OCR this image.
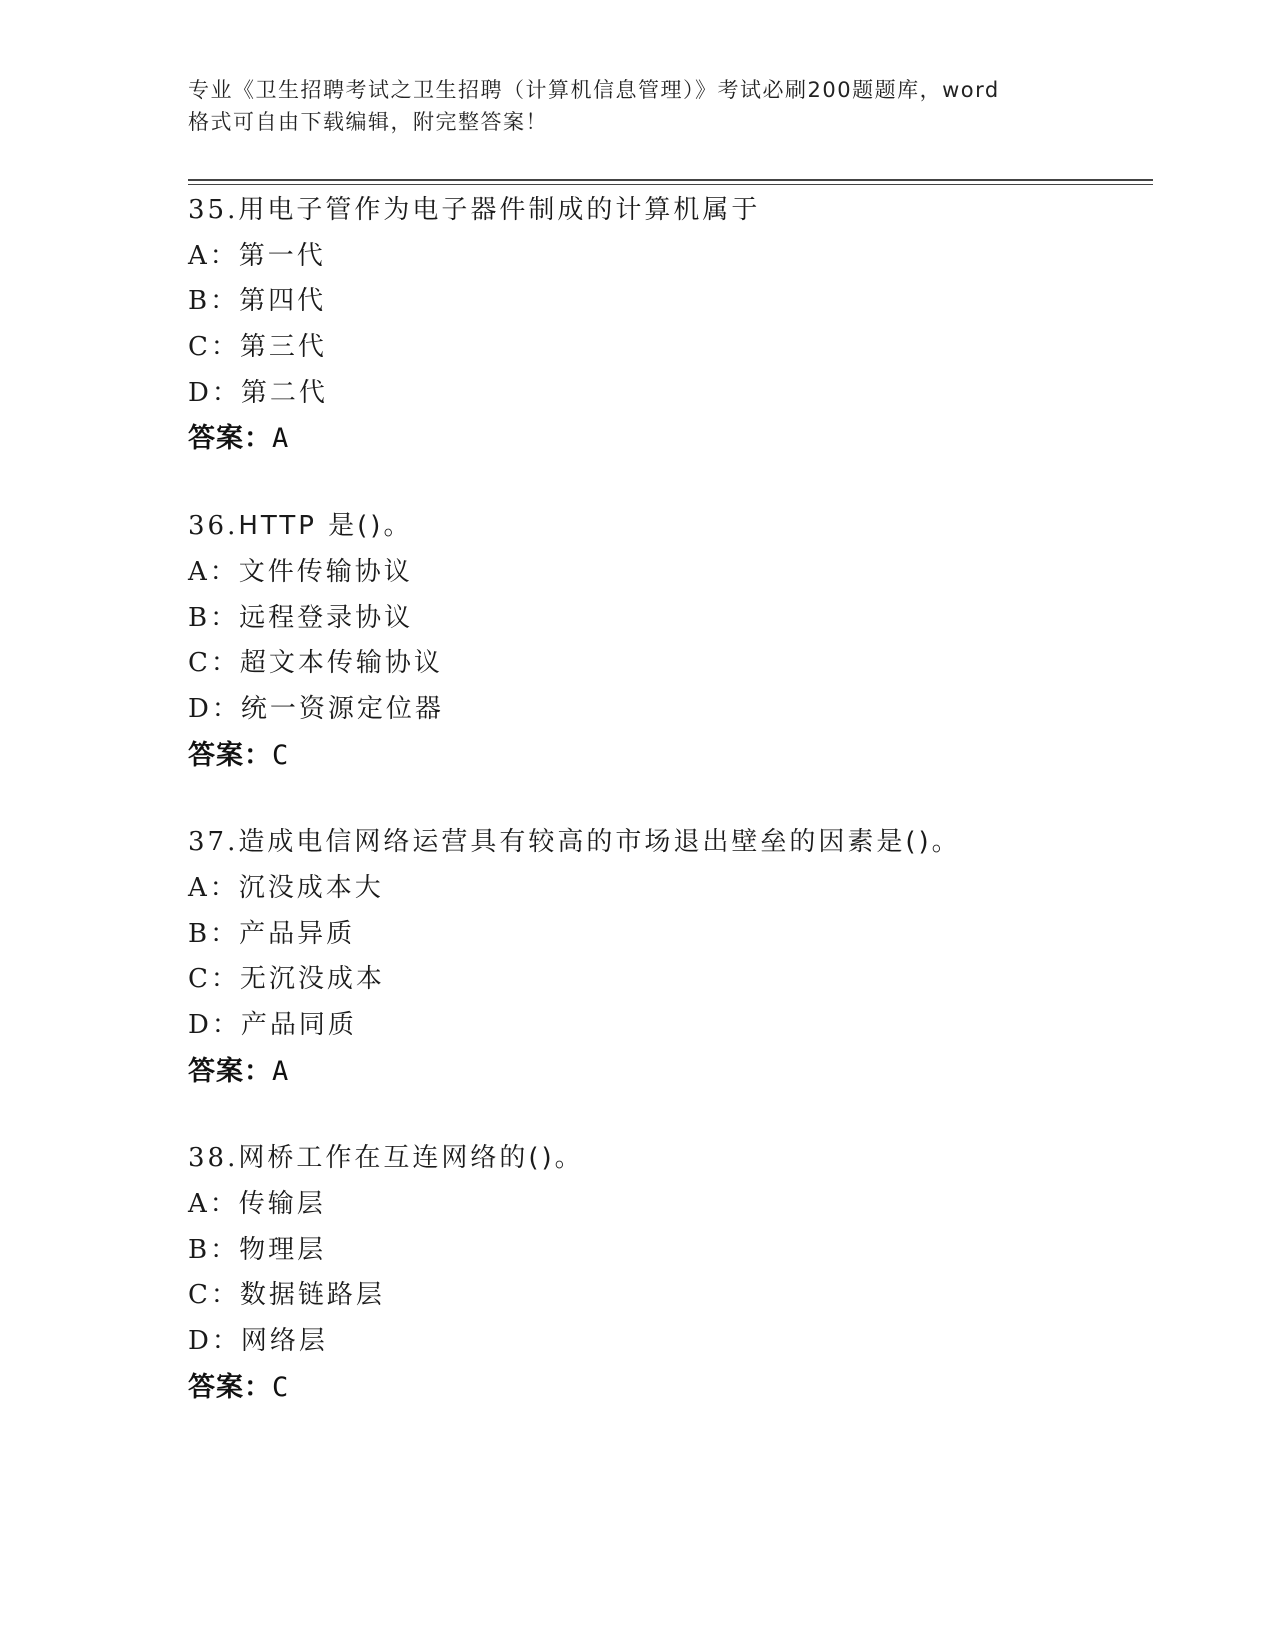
专业《卫生招聘考试之卫生招聘（计算机信息管理）》考试必刷200题题库，word
格式可自由下载编辑，附完整答案！
35.用电子管作为电子器件制成的计算机属于
A：第一代
B：第四代
C：第三代
D：第二代
答案：A
36.HTTP 是()。
A：文件传输协议
B：远程登录协议
C：超文本传输协议
D：统一资源定位器
答案：C
37.造成电信网络运营具有较高的市场退出壁垒的因素是()。
A：沉没成本大
B：产品异质
C：无沉没成本
D：产品同质
答案：A
38.网桥工作在互连网络的()。
A：传输层
B：物理层
C：数据链路层
D：网络层
答案：C
